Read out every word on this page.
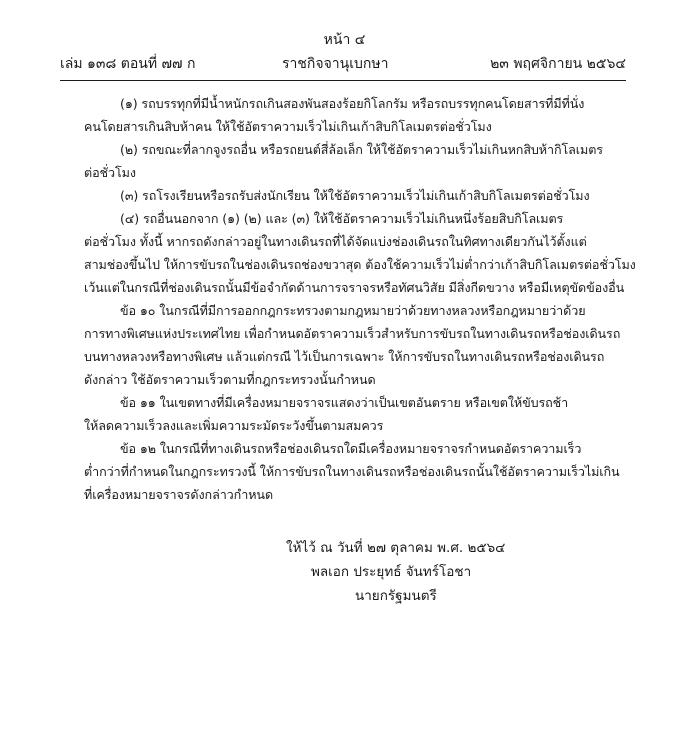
หน้า ๔
เล่ม ๑๓๘ ตอนที่ ๗๗ ก	ราชกิจจานุเบกษา	๒๓ พฤศจิกายน ๒๕๖๔
(๑) รถบรรทุกที่มีน้ำหนักรถเกินสองพันสองร้อยกิโลกรัม หรือรถบรรทุกคนโดยสารที่มีที่นั่ง
คนโดยสารเกินสิบห้าคน ให้ใช้อัตราความเร็วไม่เกินเก้าสิบกิโลเมตรต่อชั่วโมง
(๒) รถขณะที่ลากจูงรถอื่น หรือรถยนต์สี่ล้อเล็ก ให้ใช้อัตราความเร็วไม่เกินหกสิบห้ากิโลเมตร
ต่อชั่วโมง
(๓) รถโรงเรียนหรือรถรับส่งนักเรียน ให้ใช้อัตราความเร็วไม่เกินเก้าสิบกิโลเมตรต่อชั่วโมง
(๔) รถอื่นนอกจาก (๑) (๒) และ (๓) ให้ใช้อัตราความเร็วไม่เกินหนึ่งร้อยสิบกิโลเมตร
ต่อชั่วโมง ทั้งนี้ หากรถดังกล่าวอยู่ในทางเดินรถที่ได้จัดแบ่งช่องเดินรถในทิศทางเดียวกันไว้ตั้งแต่
สามช่องขึ้นไป ให้การขับรถในช่องเดินรถช่องขวาสุด ต้องใช้ความเร็วไม่ต่ำกว่าเก้าสิบกิโลเมตรต่อชั่วโมง
เว้นแต่ในกรณีที่ช่องเดินรถนั้นมีข้อจำกัดด้านการจราจรหรือทัศนวิสัย มีสิ่งกีดขวาง หรือมีเหตุขัดข้องอื่น
ข้อ ๑๐ ในกรณีที่มีการออกกฎกระทรวงตามกฎหมายว่าด้วยทางหลวงหรือกฎหมายว่าด้วย
การทางพิเศษแห่งประเทศไทย เพื่อกำหนดอัตราความเร็วสำหรับการขับรถในทางเดินรถหรือช่องเดินรถ
บนทางหลวงหรือทางพิเศษ แล้วแต่กรณี ไว้เป็นการเฉพาะ ให้การขับรถในทางเดินรถหรือช่องเดินรถ
ดังกล่าว ใช้อัตราความเร็วตามที่กฎกระทรวงนั้นกำหนด
ข้อ ๑๑ ในเขตทางที่มีเครื่องหมายจราจรแสดงว่าเป็นเขตอันตราย หรือเขตให้ขับรถช้า
ให้ลดความเร็วลงและเพิ่มความระมัดระวังขึ้นตามสมควร
ข้อ ๑๒ ในกรณีที่ทางเดินรถหรือช่องเดินรถใดมีเครื่องหมายจราจรกำหนดอัตราความเร็ว
ต่ำกว่าที่กำหนดในกฎกระทรวงนี้ ให้การขับรถในทางเดินรถหรือช่องเดินรถนั้นใช้อัตราความเร็วไม่เกิน
ที่เครื่องหมายจราจรดังกล่าวกำหนด
ให้ไว้ ณ วันที่ ๒๗ ตุลาคม พ.ศ. ๒๕๖๔
พลเอก ประยุทธ์ จันทร์โอชา
นายกรัฐมนตรี
